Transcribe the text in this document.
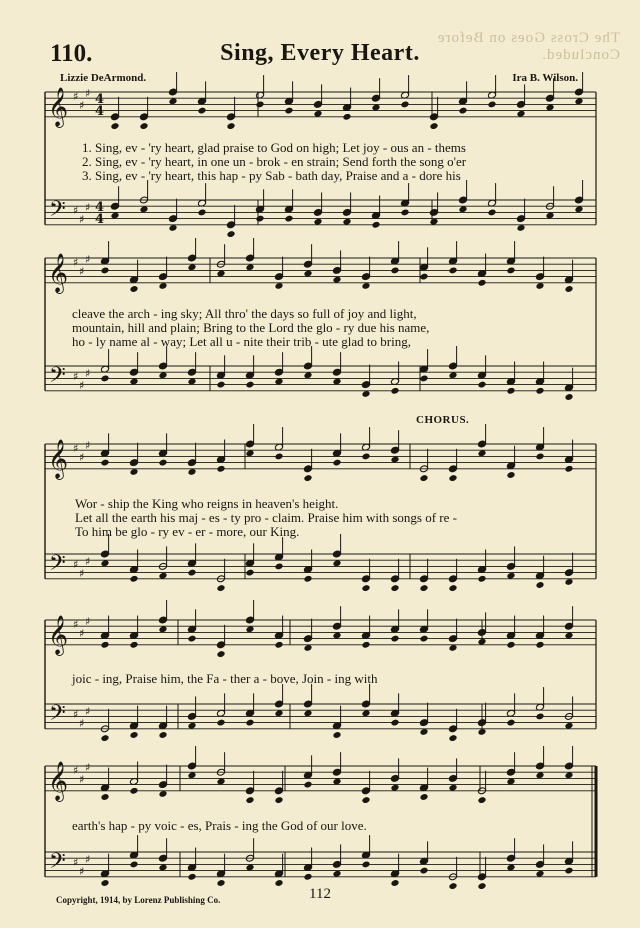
The Cross Goes on Before Concluded.
110.	Sing, Every Heart.
Lizzie DeArmond.	Ira B. Wilson.
𝄞
𝄢
♯
♯
♯
♯
♯
♯
4
4
4
4
𝄞
𝄢
♯
♯
♯
♯
♯
♯
𝄞
𝄢
♯
♯
♯
♯
♯
♯
𝄞
𝄢
♯
♯
♯
♯
♯
♯
𝄞
𝄢
♯
♯
♯
♯
♯
♯
CHORUS.
1. Sing, ev - 'ry heart, glad praise to God on high; Let joy - ous an - thems
2. Sing, ev - 'ry heart, in one un - brok - en strain; Send forth the song o'er
3. Sing, ev - 'ry heart, this hap - py Sab - bath day, Praise and a - dore his
cleave the arch - ing sky; All thro' the days so full of joy and light,
mountain, hill and plain; Bring to the Lord the glo - ry due his name,
ho - ly name al - way; Let all u - nite their trib - ute glad to bring,
Wor - ship the King who reigns in heaven's height.
Let all the earth his maj - es - ty pro - claim. Praise him with songs of re -
To him be glo - ry ev - er - more, our King.
joic - ing, Praise him, the Fa - ther a - bove, Join - ing with
earth's hap - py voic - es, Prais - ing the God of our love.
Copyright, 1914, by Lorenz Publishing Co.	112
